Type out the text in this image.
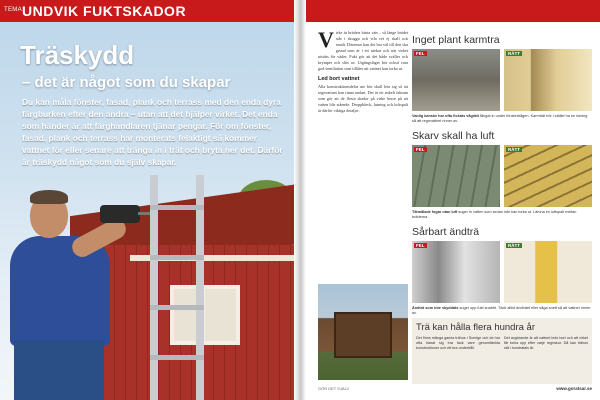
TEMA UNDVIK FUKTSKADOR
Träskydd
– det är något som du skapar

Du kan måla fönster, fasad, plank och terrass med den enda dyra färgburken efter den andra – utan att det hjälper virket. Det enda som händer är att färghandlaren tjänar pengar. För om fönster, fasad, plank och terrass har monterats felaktigt så kommer vattnet för eller senare att tränga in i trät och bryta ner det. Därför är träskydd något som du själv skapar.

Virke är brädets bästa vän – så länge brädet står i skugga och vila vet ej skall ock smalt. Däremot kan det bra väl till den ska grund som är i ett utekar och när virket utsätts för väder. Fukt gör att det både sväller och krymper och slits av. Utgångsläget bör också vara god ventilation som tillåter att vattnet kan torka ut.
Led bort vattnet
Alla konstruktionsdelar ute bör skall leta sig så att regnvattnet kan rinna undan. Det är ett enkelt faktum som gör att de flesta skador på virke beror på att vatten blir stående. Droppbleck, lutning och luftspalt är därför viktiga detaljer.
GÖR DET SJÄLV
Inget plant karmtra
FEL	RÄTT

Vanlig kanske har ofta fickats vågrätt fångat in under fönsterbågen. Karmträt bör i stället ha en lutning så att regnvattnet rinner av.

Skarv skall ha luft
FEL	RÄTT

Tätmålade fogar utan luft suger in vatten som sedan inte kan torka ut. Lämna en luftspalt mellan bräderna.

Sårbart ändträ
FEL	RÄTT

Ändträ som inte skyddats suger upp fukt snabbt. Täck alltid ändträet eller såga snett så att vattnet rinner av.

Trä kan hålla flera hundra år
Det finns många gamla trähus i Sverige och de har ofta klarat sig bra tack vare genomtänkta konstruktioner och ett bra underhåll.
Det avgörande är att vattnet leds bort och att virket får torka upp efter varje regnskur. Då kan trähus stå i hundratals år.
www.goratsar.se
